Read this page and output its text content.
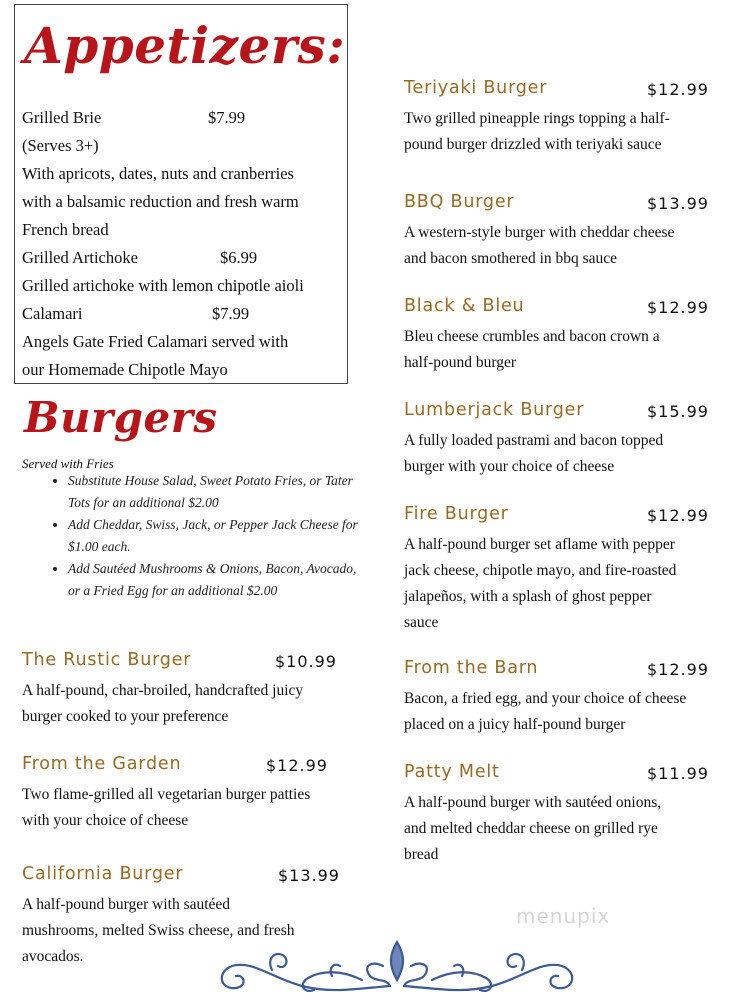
Appetizers:
Grilled Brie	$7.99
(Serves 3+)
With apricots, dates, nuts and cranberries
with a balsamic reduction and fresh warm
French bread
Grilled Artichoke	$6.99
Grilled artichoke with lemon chipotle aioli
Calamari	$7.99
Angels Gate Fried Calamari served with
our Homemade Chipotle Mayo
Burgers
Served with Fries
• Substitute House Salad, Sweet Potato Fries, or Tater Tots for an additional $2.00
• Add Cheddar, Swiss, Jack, or Pepper Jack Cheese for $1.00 each.
• Add Sautéed Mushrooms & Onions, Bacon, Avocado, or a Fried Egg for an additional $2.00
The Rustic Burger	$10.99
A half-pound, char-broiled, handcrafted juicy
burger cooked to your preference
From the Garden	$12.99
Two flame-grilled all vegetarian burger patties
with your choice of cheese
California Burger	$13.99
A half-pound burger with sautéed
mushrooms, melted Swiss cheese, and fresh
avocados.
Teriyaki Burger	$12.99
Two grilled pineapple rings topping a half-
pound burger drizzled with teriyaki sauce
BBQ Burger	$13.99
A western-style burger with cheddar cheese
and bacon smothered in bbq sauce
Black & Bleu	$12.99
Bleu cheese crumbles and bacon crown a
half-pound burger
Lumberjack Burger	$15.99
A fully loaded pastrami and bacon topped
burger with your choice of cheese
Fire Burger	$12.99
A half-pound burger set aflame with pepper
jack cheese, chipotle mayo, and fire-roasted
jalapeños, with a splash of ghost pepper
sauce
From the Barn	$12.99
Bacon, a fried egg, and your choice of cheese
placed on a juicy half-pound burger
Patty Melt	$11.99
A half-pound burger with sautéed onions,
and melted cheddar cheese on grilled rye
bread
menupix
